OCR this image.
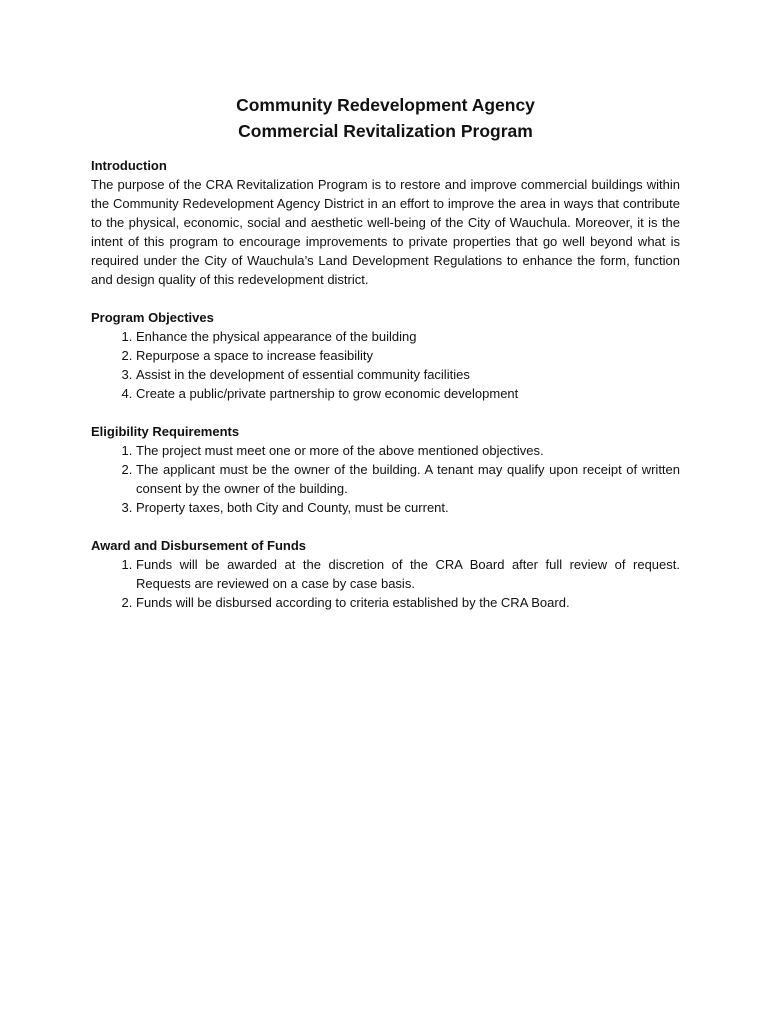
Community Redevelopment Agency
Commercial Revitalization Program
Introduction

The purpose of the CRA Revitalization Program is to restore and improve commercial buildings within the Community Redevelopment Agency District in an effort to improve the area in ways that contribute to the physical, economic, social and aesthetic well-being of the City of Wauchula. Moreover, it is the intent of this program to encourage improvements to private properties that go well beyond what is required under the City of Wauchula’s Land Development Regulations to enhance the form, function and design quality of this redevelopment district.

Program Objectives
1. Enhance the physical appearance of the building
2. Repurpose a space to increase feasibility
3. Assist in the development of essential community facilities
4. Create a public/private partnership to grow economic development
Eligibility Requirements
1. The project must meet one or more of the above mentioned objectives.
2. The applicant must be the owner of the building. A tenant may qualify upon receipt of written consent by the owner of the building.
3. Property taxes, both City and County, must be current.
Award and Disbursement of Funds
1. Funds will be awarded at the discretion of the CRA Board after full review of request. Requests are reviewed on a case by case basis.
2. Funds will be disbursed according to criteria established by the CRA Board.
